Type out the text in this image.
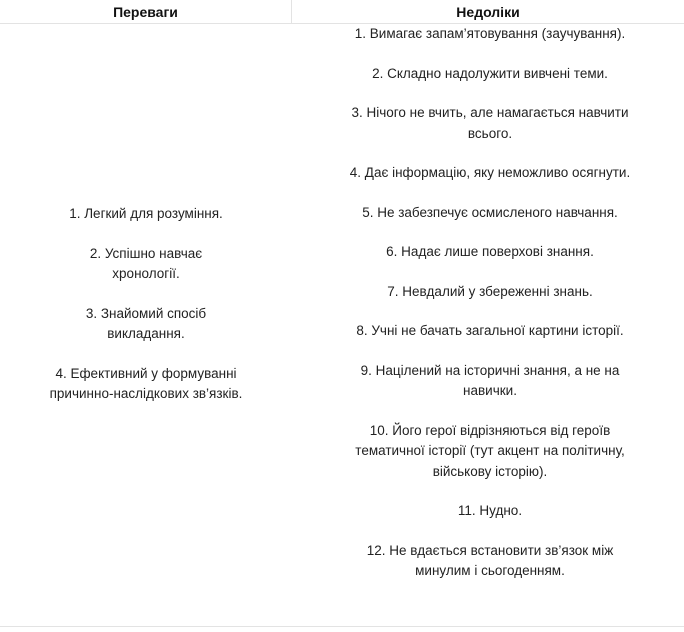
Переваги	Недоліки
1. Легкий для розуміння.
2. Успішно навчає хронології.
3. Знайомий спосіб викладання.
4. Ефективний у формуванні причинно-наслідкових зв’язків.
1. Вимагає запам’ятовування (заучування).
2. Складно надолужити вивчені теми.
3. Нічого не вчить, але намагається навчити всього.
4. Дає інформацію, яку неможливо осягнути.
5. Не забезпечує осмисленого навчання.
6. Надає лише поверхові знання.
7. Невдалий у збереженні знань.
8. Учні не бачать загальної картини історії.
9. Націлений на історичні знання, а не на навички.
10. Його герої відрізняються від героїв тематичної історії (тут акцент на політичну, військову історію).
11. Нудно.
12. Не вдається встановити зв’язок між минулим і сьогоденням.
